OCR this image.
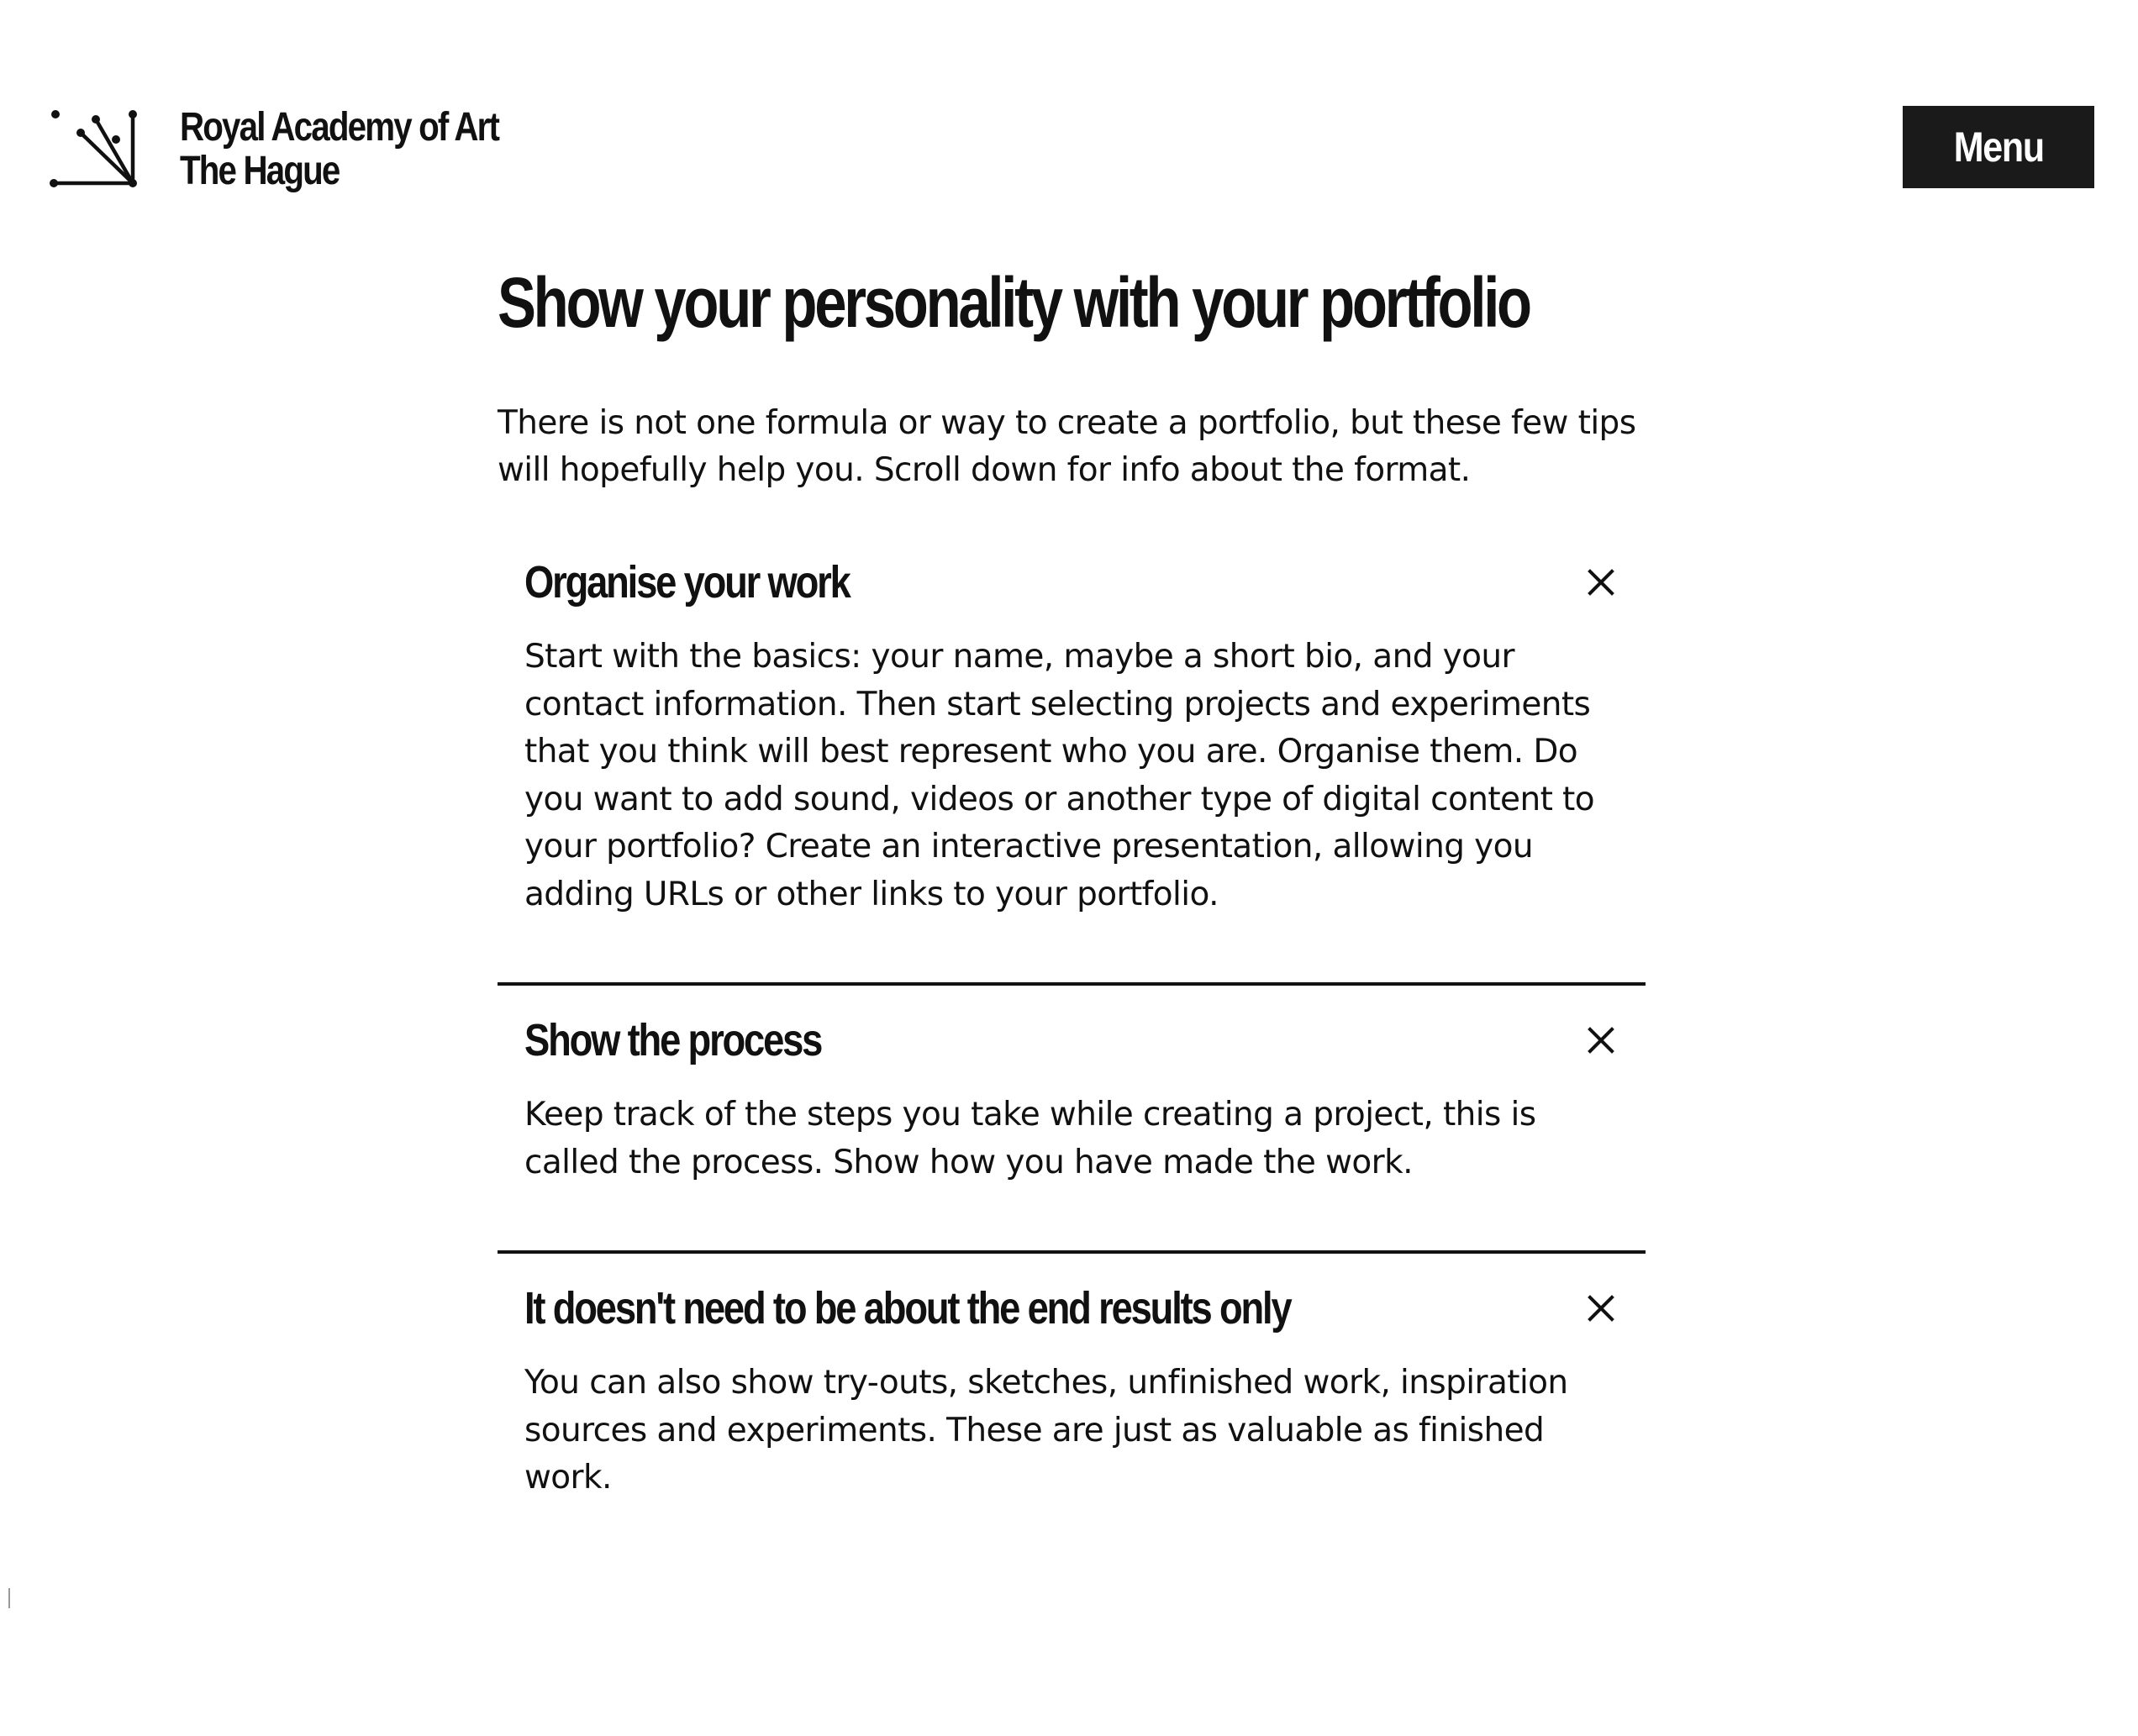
Royal Academy of Art
The Hague
Menu
Show your personality with your portfolio

There is not one formula or way to create a portfolio, but these few tips will hopefully help you. Scroll down for info about the format.

Organise your work

Start with the basics: your name, maybe a short bio, and your contact information. Then start selecting projects and experiments that you think will best represent who you are. Organise them. Do you want to add sound, videos or another type of digital content to your portfolio? Create an interactive presentation, allowing you adding URLs or other links to your portfolio.

Show the process

Keep track of the steps you take while creating a project, this is called the process. Show how you have made the work.

It doesn't need to be about the end results only

You can also show try-outs, sketches, unfinished work, inspiration sources and experiments. These are just as valuable as finished work.
